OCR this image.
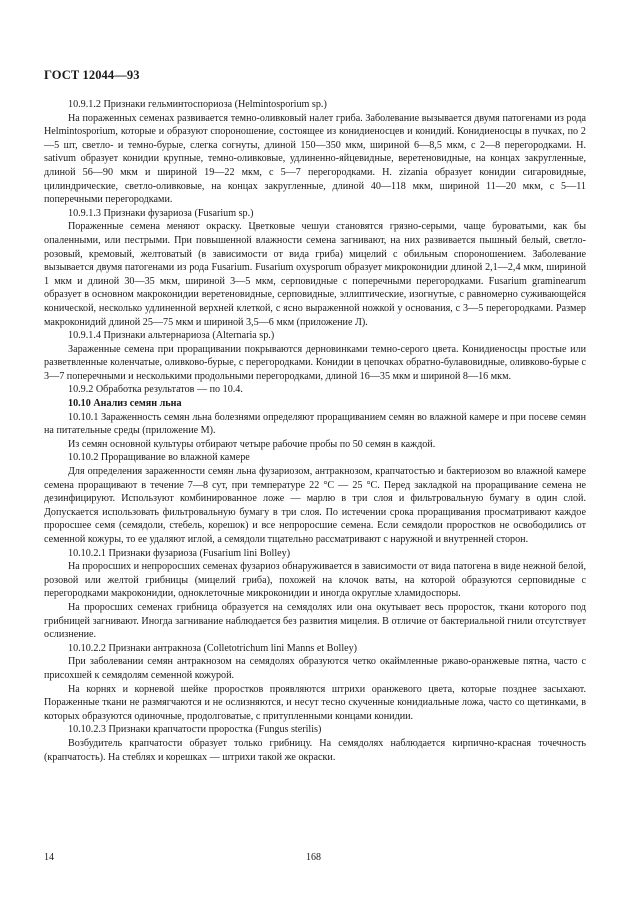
ГОСТ 12044—93

10.9.1.2 Признаки гельминтоспориоза (Helmintosporium sp.)

На пораженных семенах развивается темно-оливковый налет гриба. Заболевание вызывается двумя патогенами из рода Helmintosporium, которые и образуют спороношение, состоящее из конидиеносцев и конидий. Конидиеносцы в пучках, по 2—5 шт, светло- и темно-бурые, слегка согнуты, длиной 150—350 мкм, шириной 6—8,5 мкм, с 2—8 перегородками. H. sativum образует конидии крупные, темно-оливковые, удлиненно-яйцевидные, веретеновидные, на концах закругленные, длиной 56—90 мкм и шириной 19—22 мкм, с 5—7 перегородками. H. zizania образует конидии сигаровидные, цилиндрические, светло-оливковые, на концах закругленные, длиной 40—118 мкм, шириной 11—20 мкм, с 5—11 поперечными перегородками.

10.9.1.3 Признаки фузариоза (Fusarium sp.)

Пораженные семена меняют окраску. Цветковые чешуи становятся грязно-серыми, чаще буроватыми, как бы опаленными, или пестрыми. При повышенной влажности семена загнивают, на них развивается пышный белый, светло-розовый, кремовый, желтоватый (в зависимости от вида гриба) мицелий с обильным спороношением. Заболевание вызывается двумя патогенами из рода Fusarium. Fusarium oxysporum образует микроконидии длиной 2,1—2,4 мкм, шириной 1 мкм и длиной 30—35 мкм, шириной 3—5 мкм, серповидные с поперечными перегородками. Fusarium graminearum образует в основном макроконидии веретеновидные, серповидные, эллиптические, изогнутые, с равномерно суживающейся конической, несколько удлиненной верхней клеткой, с ясно выраженной ножкой у основания, с 3—5 перегородками. Размер макроконидий длиной 25—75 мкм и шириной 3,5—6 мкм (приложение Л).

10.9.1.4 Признаки альтернариоза (Alternaria sp.)

Зараженные семена при проращивании покрываются дерновинками темно-серого цвета. Конидиеносцы простые или разветвленные коленчатые, оливково-бурые, с перегородками. Конидии в цепочках обратно-булавовидные, оливково-бурые с 3—7 поперечными и несколькими продольными перегородками, длиной 16—35 мкм и шириной 8—16 мкм.

10.9.2 Обработка результатов — по 10.4.

10.10 Анализ семян льна

10.10.1 Зараженность семян льна болезнями определяют проращиванием семян во влажной камере и при посеве семян на питательные среды (приложение М).

Из семян основной культуры отбирают четыре рабочие пробы по 50 семян в каждой.

10.10.2 Проращивание во влажной камере

Для определения зараженности семян льна фузариозом, антракнозом, крапчатостью и бактериозом во влажной камере семена проращивают в течение 7—8 сут, при температуре 22 °С — 25 °С. Перед закладкой на проращивание семена не дезинфицируют. Используют комбинированное ложе — марлю в три слоя и фильтровальную бумагу в один слой. Допускается использовать фильтровальную бумагу в три слоя. По истечении срока проращивания просматривают каждое проросшее семя (семядоли, стебель, корешок) и все непроросшие семена. Если семядоли проростков не освободились от семенной кожуры, то ее удаляют иглой, а семядоли тщательно рассматривают с наружной и внутренней сторон.

10.10.2.1 Признаки фузариоза (Fusarium lini Bolley)

На проросших и непроросших семенах фузариоз обнаруживается в зависимости от вида патогена в виде нежной белой, розовой или желтой грибницы (мицелий гриба), похожей на клочок ваты, на которой образуются серповидные с перегородками макроконидии, одноклеточные микроконидии и иногда округлые хламидоспоры.

На проросших семенах грибница образуется на семядолях или она окутывает весь проросток, ткани которого под грибницей загнивают. Иногда загнивание наблюдается без развития мицелия. В отличие от бактериальной гнили отсутствует ослизнение.

10.10.2.2 Признаки антракноза (Colletotrichum lini Manns et Bolley)

При заболевании семян антракнозом на семядолях образуются четко окаймленные ржаво-оранжевые пятна, часто с присохшей к семядолям семенной кожурой.

На корнях и корневой шейке проростков проявляются штрихи оранжевого цвета, которые позднее засыхают. Пораженные ткани не размягчаются и не ослизняются, и несут тесно скученные конидиальные ложа, часто со щетинками, в которых образуются одиночные, продолговатые, с притупленными концами конидии.

10.10.2.3 Признаки крапчатости проростка (Fungus sterilis)

Возбудитель крапчатости образует только грибницу. На семядолях наблюдается кирпично-красная точечность (крапчатость). На стеблях и корешках — штрихи такой же окраски.

14	168
